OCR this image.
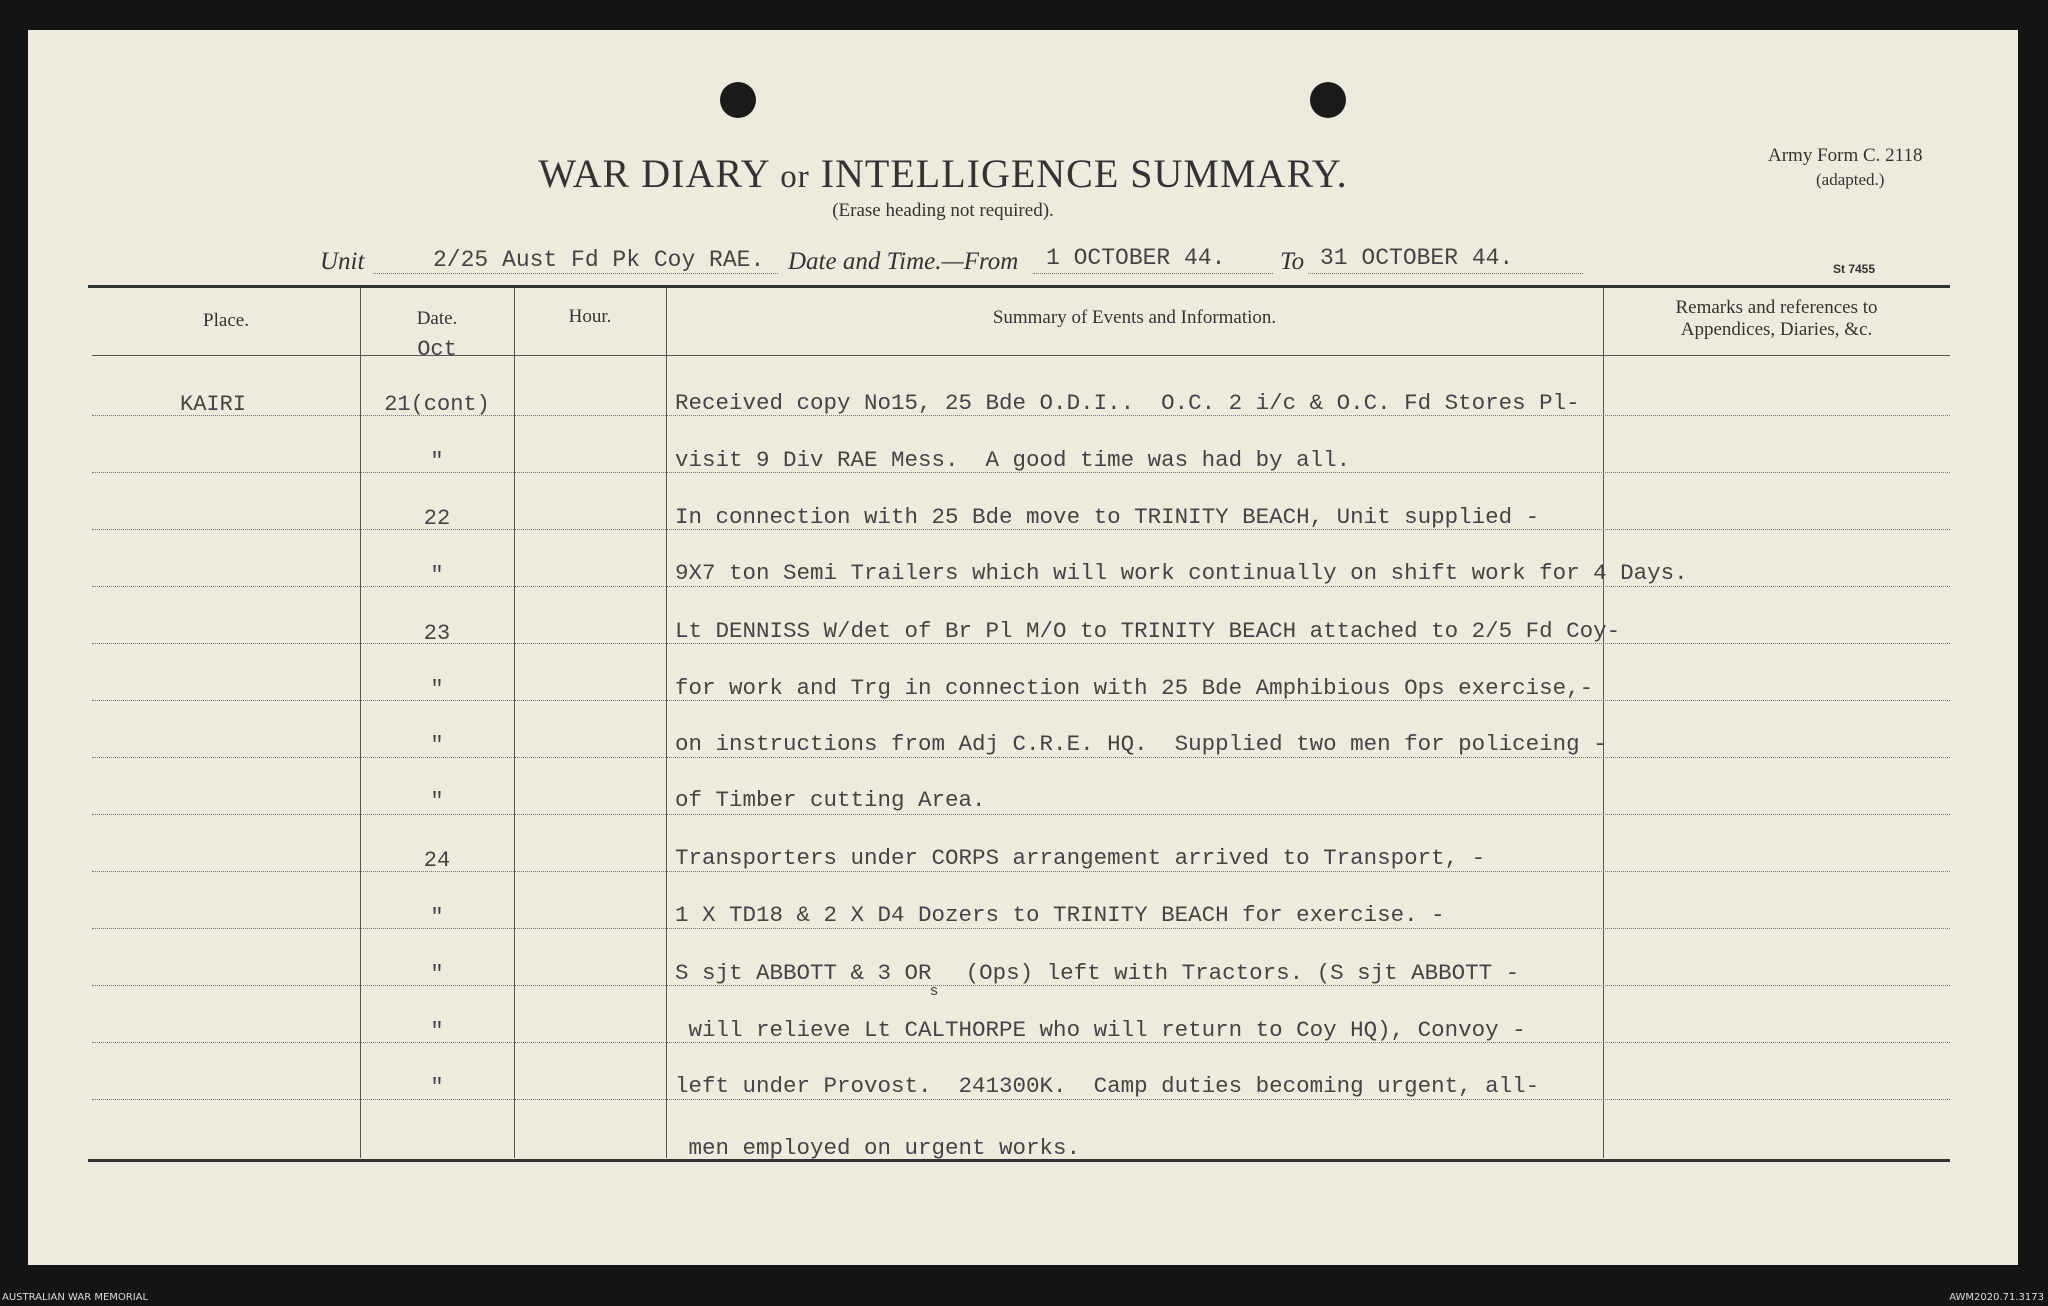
WAR DIARY or INTELLIGENCE SUMMARY.
(Erase heading not required).
Army Form C. 2118
(adapted.)
St 7455
Unit	2/25 Aust Fd Pk Coy RAE. Date and Time.—From 1 OCTOBER 44. To 31 OCTOBER 44.
Place.	Date.	Hour.	Summary of Events and Information.	Remarks and references to
Appendices, Diaries, &c.
Oct
KAIRI	21(cont)	Received copy No15, 25 Bde O.D.I..  O.C. 2 i/c & O.C. Fd Stores Pl-
"	visit 9 Div RAE Mess.  A good time was had by all.
22	In connection with 25 Bde move to TRINITY BEACH, Unit supplied -
"	9X7 ton Semi Trailers which will work continually on shift work for 4 Days.
23	Lt DENNISS W/det of Br Pl M/O to TRINITY BEACH attached to 2/5 Fd Coy-
"	for work and Trg in connection with 25 Bde Amphibious Ops exercise,-
"	on instructions from Adj C.R.E. HQ.  Supplied two men for policeing -
"	of Timber cutting Area.
24	Transporters under CORPS arrangement arrived to Transport, -
"	1 X TD18 & 2 X D4 Dozers to TRINITY BEACH for exercise. -
"	S sjt ABBOTT & 3 $OR_s$  (Ops) left with Tractors. (S sjt ABBOTT -
"	will relieve Lt CALTHORPE who will return to Coy HQ), Convoy -
"	left under Provost.  241300K.  Camp duties becoming urgent, all-
men employed on urgent works.
AUSTRALIAN WAR MEMORIAL	AWM2020.71.3173
